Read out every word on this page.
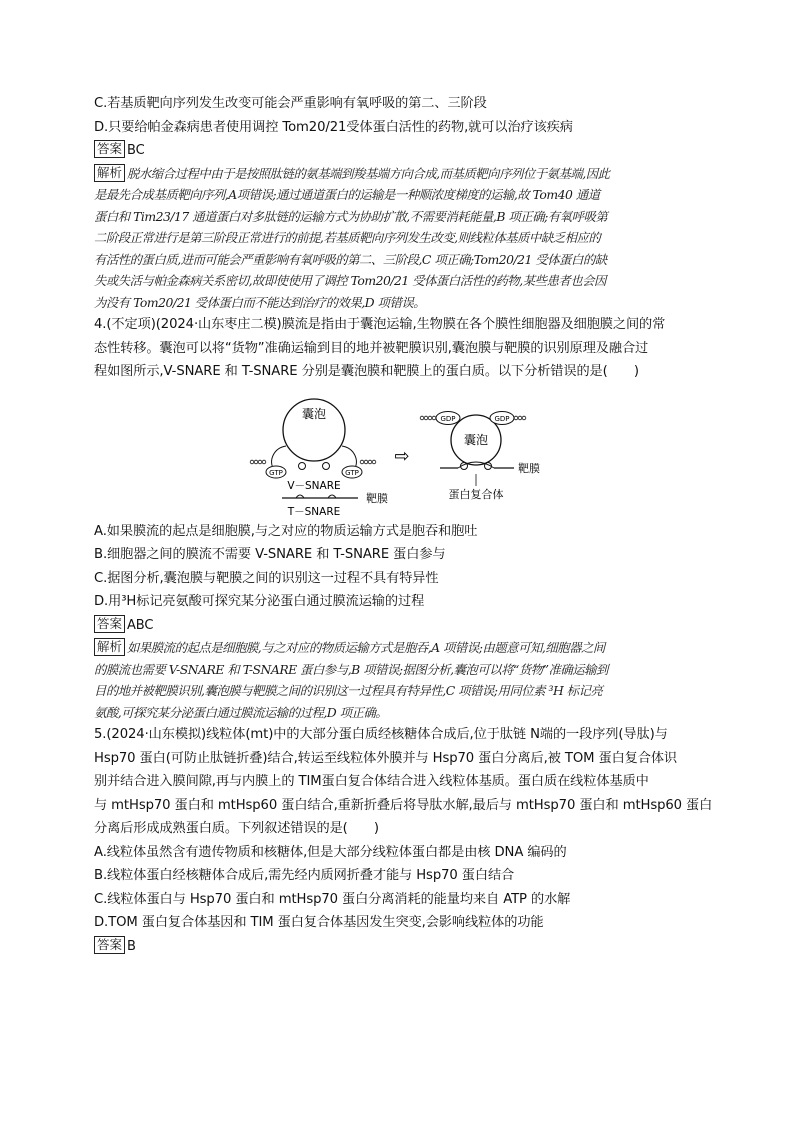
C.若基质靶向序列发生改变可能会严重影响有氧呼吸的第二、三阶段
D.只要给帕金森病患者使用调控 Tom20/21受体蛋白活性的药物,就可以治疗该疾病
答案 BC
解析 脱水缩合过程中由于是按照肽链的氨基端到羧基端方向合成,而基质靶向序列位于氨基端,因此
是最先合成基质靶向序列,A项错误;通过通道蛋白的运输是一种顺浓度梯度的运输,故 Tom40 通道
蛋白和 Tim23/17 通道蛋白对多肽链的运输方式为协助扩散,不需要消耗能量,B 项正确;有氧呼吸第
二阶段正常进行是第三阶段正常进行的前提,若基质靶向序列发生改变,则线粒体基质中缺乏相应的
有活性的蛋白质,进而可能会严重影响有氧呼吸的第二、三阶段,C 项正确;Tom20/21 受体蛋白的缺
失或失活与帕金森病关系密切,故即使使用了调控 Tom20/21 受体蛋白活性的药物,某些患者也会因
为没有 Tom20/21 受体蛋白而不能达到治疗的效果,D 项错误。
4.(不定项)(2024·山东枣庄二模)膜流是指由于囊泡运输,生物膜在各个膜性细胞器及细胞膜之间的常
态性转移。囊泡可以将“货物”准确运输到目的地并被靶膜识别,囊泡膜与靶膜的识别原理及融合过
程如图所示,V-SNARE 和 T-SNARE 分别是囊泡膜和靶膜上的蛋白质。以下分析错误的是(　　)
囊泡
GTP	GTP
V－SNARE
靶膜
T－SNARE
⇨
囊泡
GDP	GDP
靶膜
蛋白复合体
A.如果膜流的起点是细胞膜,与之对应的物质运输方式是胞吞和胞吐
B.细胞器之间的膜流不需要 V-SNARE 和 T-SNARE 蛋白参与
C.据图分析,囊泡膜与靶膜之间的识别这一过程不具有特异性
D.用³H标记亮氨酸可探究某分泌蛋白通过膜流运输的过程
答案 ABC
解析 如果膜流的起点是细胞膜,与之对应的物质运输方式是胞吞,A 项错误;由题意可知,细胞器之间
的膜流也需要 V-SNARE 和 T-SNARE 蛋白参与,B 项错误;据图分析,囊泡可以将“货物”准确运输到
目的地并被靶膜识别,囊泡膜与靶膜之间的识别这一过程具有特异性,C 项错误;用同位素 ³H 标记亮
氨酸,可探究某分泌蛋白通过膜流运输的过程,D 项正确。
5.(2024·山东模拟)线粒体(mt)中的大部分蛋白质经核糖体合成后,位于肽链 N端的一段序列(导肽)与
Hsp70 蛋白(可防止肽链折叠)结合,转运至线粒体外膜并与 Hsp70 蛋白分离后,被 TOM 蛋白复合体识
别并结合进入膜间隙,再与内膜上的 TIM蛋白复合体结合进入线粒体基质。蛋白质在线粒体基质中
与 mtHsp70 蛋白和 mtHsp60 蛋白结合,重新折叠后将导肽水解,最后与 mtHsp70 蛋白和 mtHsp60 蛋白
分离后形成成熟蛋白质。下列叙述错误的是(　　)
A.线粒体虽然含有遗传物质和核糖体,但是大部分线粒体蛋白都是由核 DNA 编码的
B.线粒体蛋白经核糖体合成后,需先经内质网折叠才能与 Hsp70 蛋白结合
C.线粒体蛋白与 Hsp70 蛋白和 mtHsp70 蛋白分离消耗的能量均来自 ATP 的水解
D.TOM 蛋白复合体基因和 TIM 蛋白复合体基因发生突变,会影响线粒体的功能
答案 B
